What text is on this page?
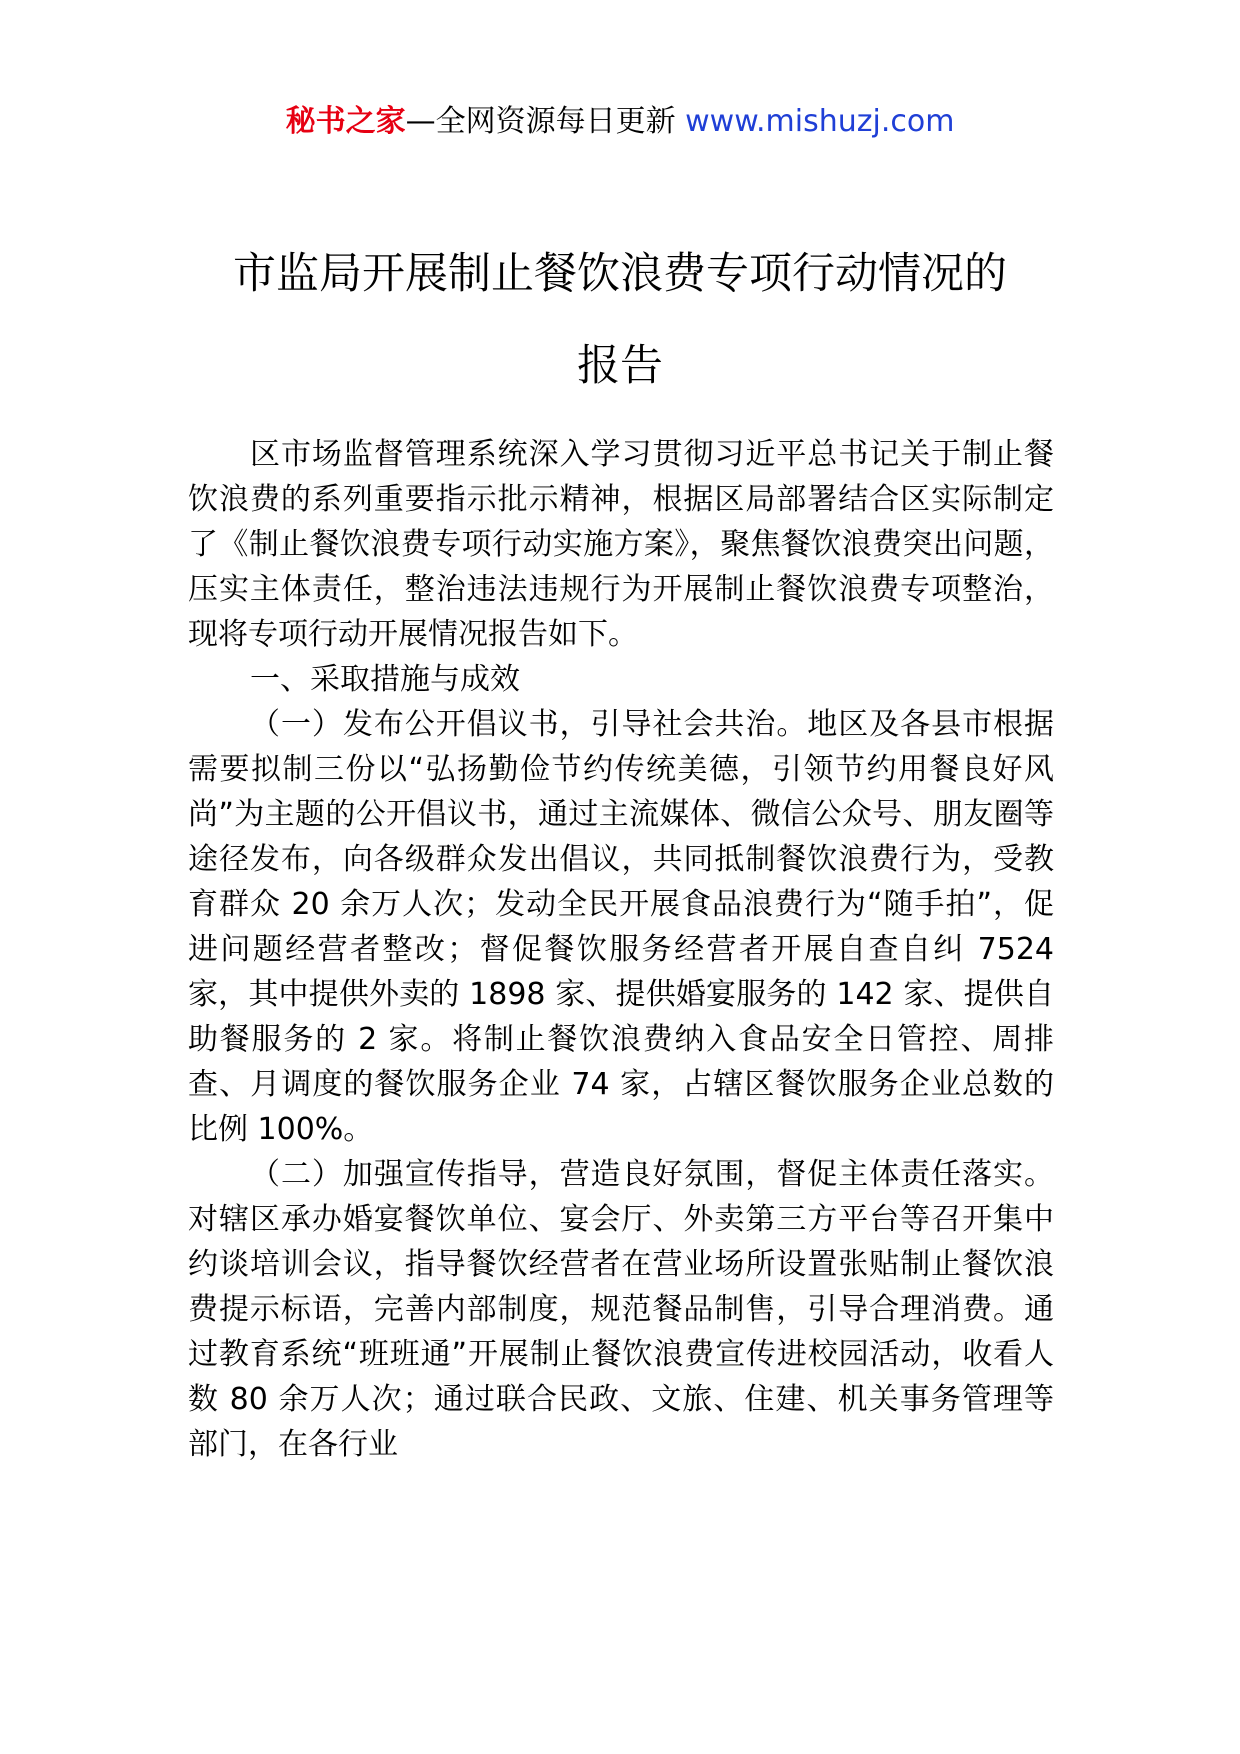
秘书之家—全网资源每日更新 www.mishuzj.com
市监局开展制止餐饮浪费专项行动情况的
报告

区市场监督管理系统深入学习贯彻习近平总书记关于制止餐饮浪费的系列重要指示批示精神，根据区局部署结合区实际制定了《制止餐饮浪费专项行动实施方案》，聚焦餐饮浪费突出问题，压实主体责任，整治违法违规行为开展制止餐饮浪费专项整治，现将专项行动开展情况报告如下。

一、采取措施与成效

（一）发布公开倡议书，引导社会共治。地区及各县市根据需要拟制三份以“弘扬勤俭节约传统美德，引领节约用餐良好风尚”为主题的公开倡议书，通过主流媒体、微信公众号、朋友圈等途径发布，向各级群众发出倡议，共同抵制餐饮浪费行为，受教育群众 20 余万人次；发动全民开展食品浪费行为“随手拍”，促进问题经营者整改；督促餐饮服务经营者开展自查自纠 7524 家，其中提供外卖的 1898 家、提供婚宴服务的 142 家、提供自助餐服务的 2 家。将制止餐饮浪费纳入食品安全日管控、周排查、月调度的餐饮服务企业 74 家，占辖区餐饮服务企业总数的比例 100%。

（二）加强宣传指导，营造良好氛围，督促主体责任落实。对辖区承办婚宴餐饮单位、宴会厅、外卖第三方平台等召开集中约谈培训会议，指导餐饮经营者在营业场所设置张贴制止餐饮浪费提示标语，完善内部制度，规范餐品制售，引导合理消费。通过教育系统“班班通”开展制止餐饮浪费宣传进校园活动，收看人数 80 余万人次；通过联合民政、文旅、住建、机关事务管理等部门，在各行业
